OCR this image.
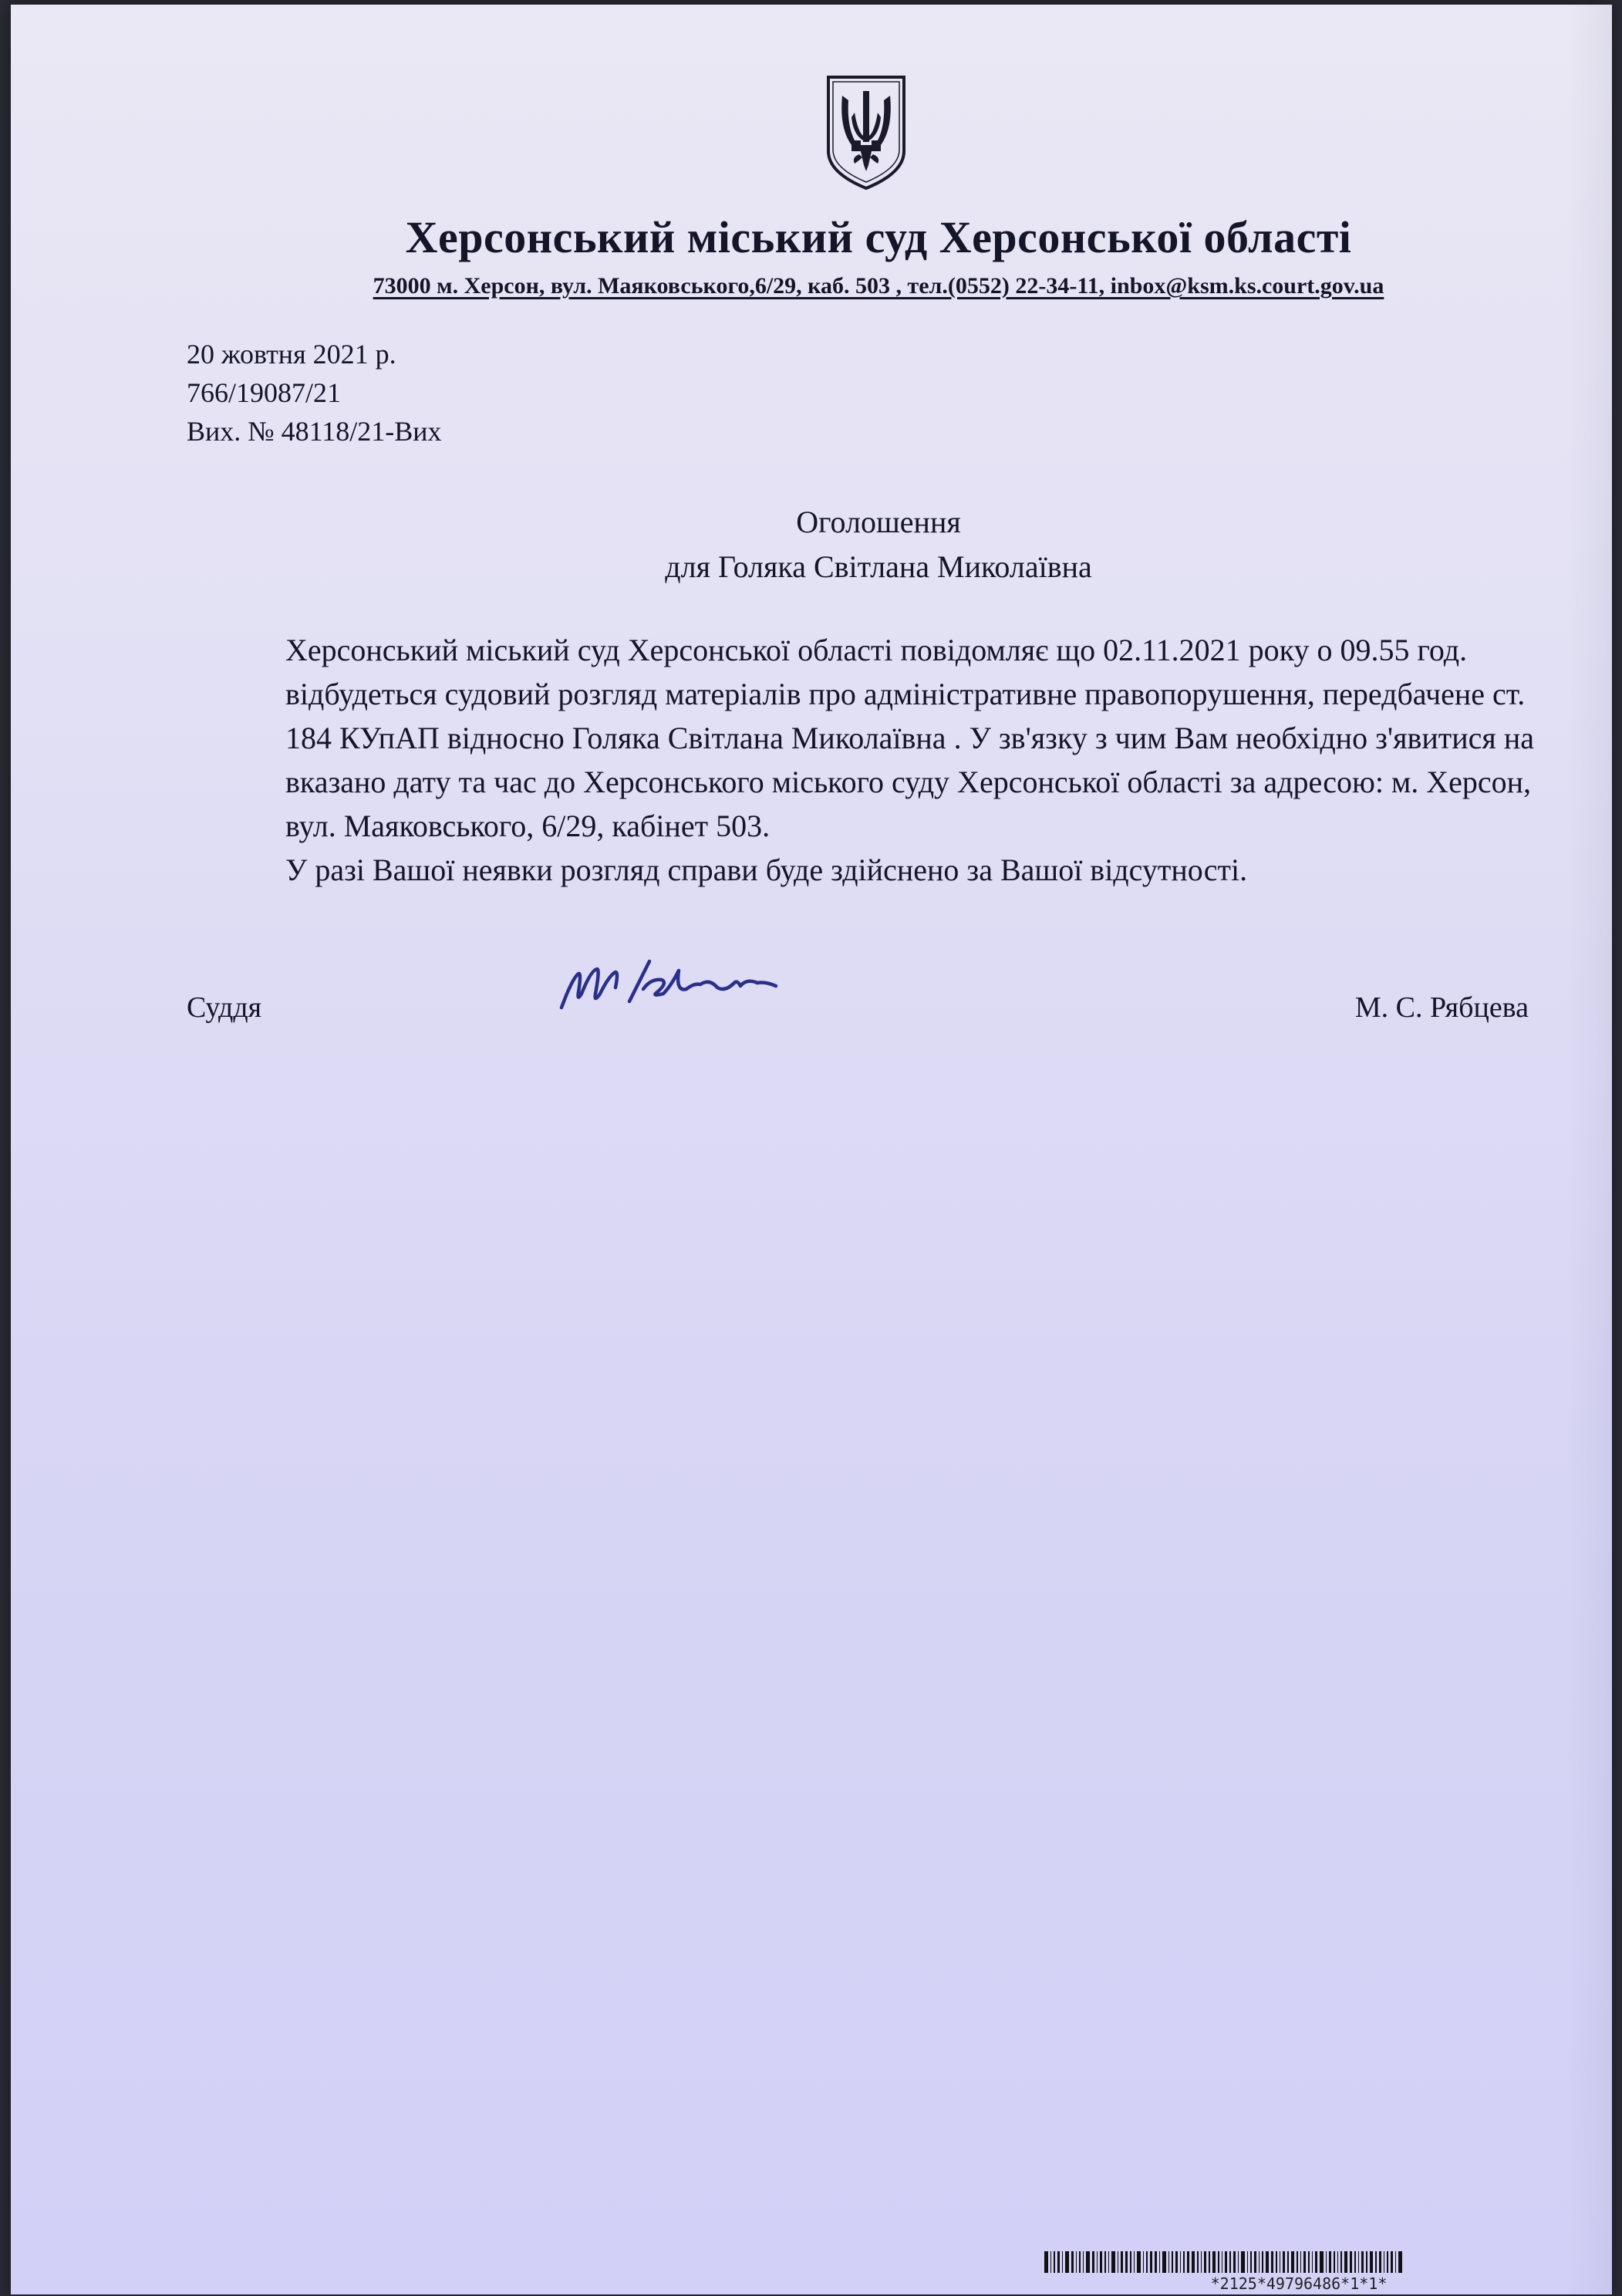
Херсонський міський суд Херсонської області

73000 м. Херсон, вул. Маяковського,6/29, каб. 503 , тел.(0552) 22-34-11, inbox@ksm.ks.court.gov.ua

20 жовтня 2021 р.
766/19087/21
Вих. № 48118/21-Вих
Оголошення
для Голяка Світлана Миколаївна

Херсонський міський суд Херсонської області повідомляє що 02.11.2021 року о 09.55 год. відбудеться судовий розгляд матеріалів про адміністративне правопорушення, передбачене ст. 184 КУпАП відносно Голяка Світлана Миколаївна . У зв'язку з чим Вам необхідно з'явитися на вказано дату та час до Херсонського міського суду Херсонської області за адресою: м. Херсон, вул. Маяковського, 6/29, кабінет 503.

У разі Вашої неявки розгляд справи буде здійснено за Вашої відсутності.

Суддя	М. С. Рябцева
*2125*49796486*1*1*
